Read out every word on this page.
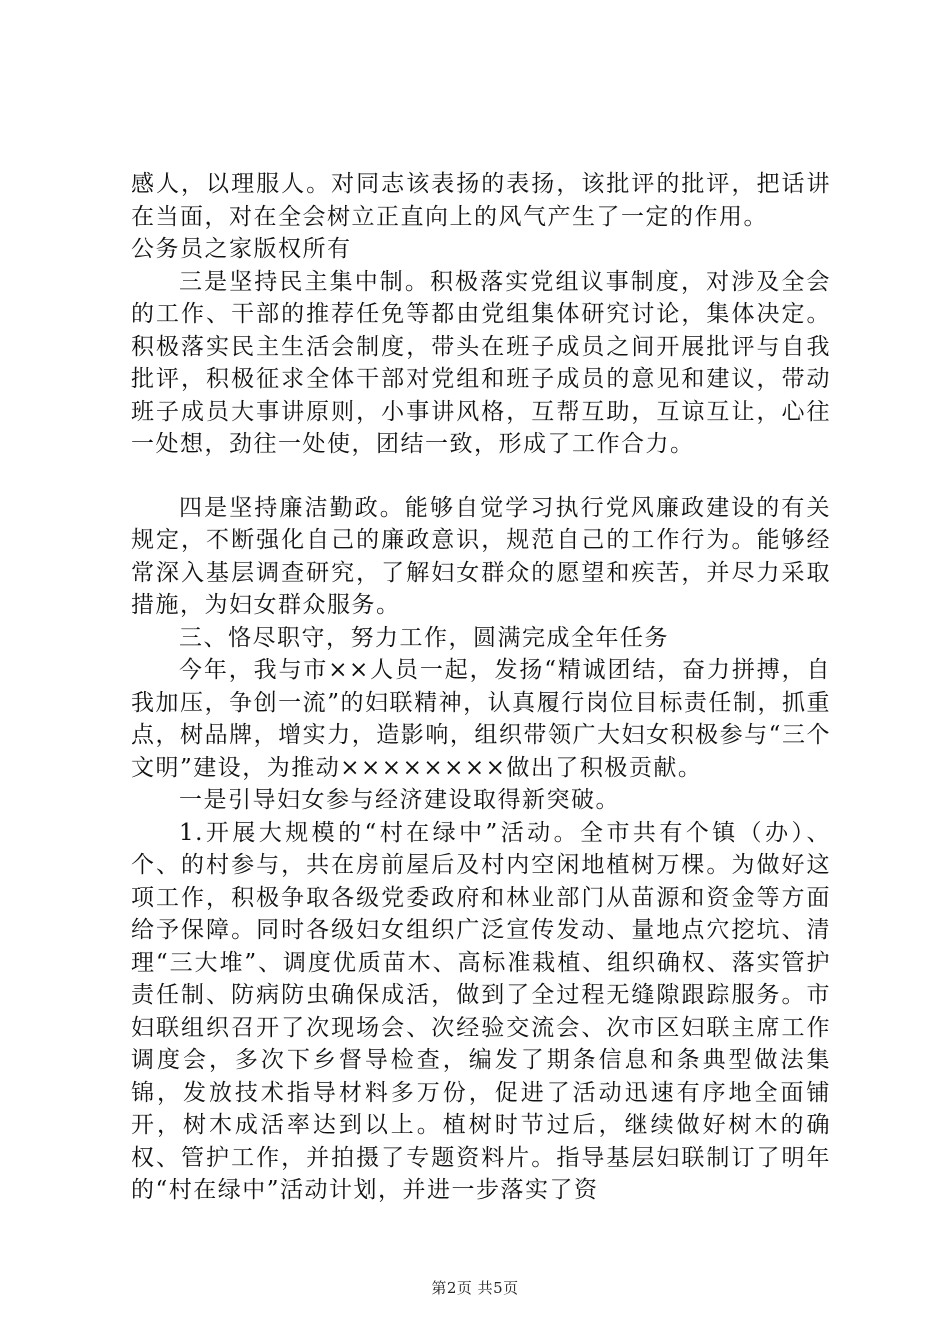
感人，以理服人。对同志该表扬的表扬，该批评的批评，把话讲在当面，对在全会树立正直向上的风气产生了一定的作用。

公务员之家版权所有

三是坚持民主集中制。积极落实党组议事制度，对涉及全会的工作、干部的推荐任免等都由党组集体研究讨论，集体决定。积极落实民主生活会制度，带头在班子成员之间开展批评与自我批评，积极征求全体干部对党组和班子成员的意见和建议，带动班子成员大事讲原则，小事讲风格，互帮互助，互谅互让，心往一处想，劲往一处使，团结一致，形成了工作合力。

四是坚持廉洁勤政。能够自觉学习执行党风廉政建设的有关规定，不断强化自己的廉政意识，规范自己的工作行为。能够经常深入基层调查研究，了解妇女群众的愿望和疾苦，并尽力采取措施，为妇女群众服务。

三、恪尽职守，努力工作，圆满完成全年任务

今年，我与市××人员一起，发扬“精诚团结，奋力拼搏，自我加压，争创一流”的妇联精神，认真履行岗位目标责任制，抓重点，树品牌，增实力，造影响，组织带领广大妇女积极参与“三个文明”建设，为推动××××××××做出了积极贡献。

一是引导妇女参与经济建设取得新突破。

1.开展大规模的“村在绿中”活动。全市共有个镇（办）、个、的村参与，共在房前屋后及村内空闲地植树万棵。为做好这项工作，积极争取各级党委政府和林业部门从苗源和资金等方面给予保障。同时各级妇女组织广泛宣传发动、量地点穴挖坑、清理“三大堆”、调度优质苗木、高标准栽植、组织确权、落实管护责任制、防病防虫确保成活，做到了全过程无缝隙跟踪服务。市妇联组织召开了次现场会、次经验交流会、次市区妇联主席工作调度会，多次下乡督导检查，编发了期条信息和条典型做法集锦，发放技术指导材料多万份，促进了活动迅速有序地全面铺开，树木成活率达到以上。植树时节过后，继续做好树木的确权、管护工作，并拍摄了专题资料片。指导基层妇联制订了明年的“村在绿中”活动计划，并进一步落实了资

第2页 共5页
